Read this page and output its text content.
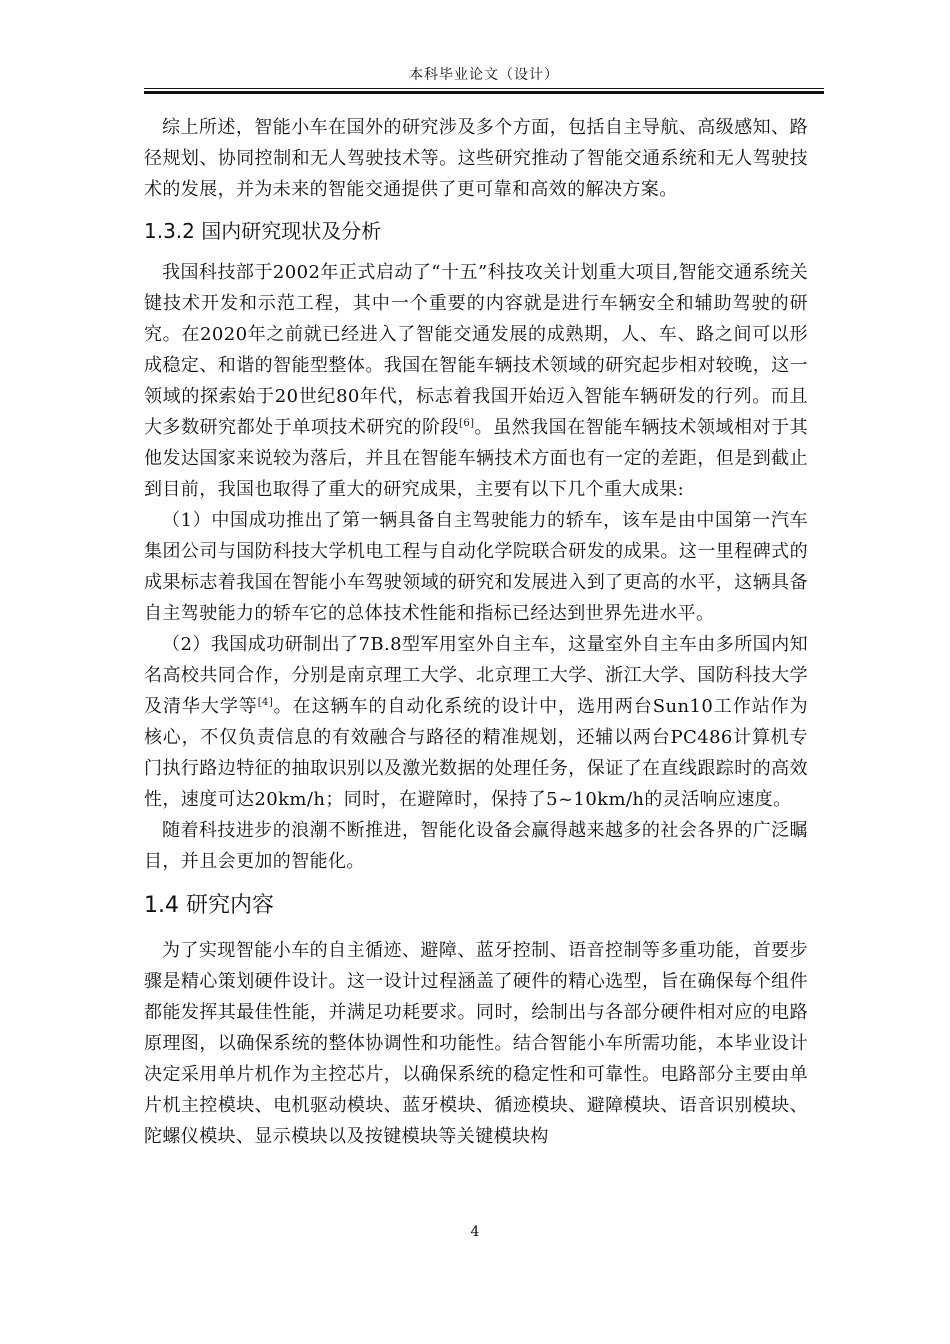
本科毕业论文（设计）

综上所述，智能小车在国外的研究涉及多个方面，包括自主导航、高级感知、路径规划、协同控制和无人驾驶技术等。这些研究推动了智能交通系统和无人驾驶技术的发展，并为未来的智能交通提供了更可靠和高效的解决方案。

1.3.2 国内研究现状及分析

我国科技部于2002年正式启动了“十五”科技攻关计划重大项目,智能交通系统关键技术开发和示范工程，其中一个重要的内容就是进行车辆安全和辅助驾驶的研究。在2020年之前就已经进入了智能交通发展的成熟期，人、车、路之间可以形成稳定、和谐的智能型整体。我国在智能车辆技术领域的研究起步相对较晚，这一领域的探索始于20世纪80年代，标志着我国开始迈入智能车辆研发的行列。而且大多数研究都处于单项技术研究的阶段[6]。虽然我国在智能车辆技术领域相对于其他发达国家来说较为落后，并且在智能车辆技术方面也有一定的差距，但是到截止到目前，我国也取得了重大的研究成果，主要有以下几个重大成果:

（1）中国成功推出了第一辆具备自主驾驶能力的轿车，该车是由中国第一汽车集团公司与国防科技大学机电工程与自动化学院联合研发的成果。这一里程碑式的成果标志着我国在智能小车驾驶领域的研究和发展进入到了更高的水平，这辆具备自主驾驶能力的轿车它的总体技术性能和指标已经达到世界先进水平。

（2）我国成功研制出了7B.8型军用室外自主车，这量室外自主车由多所国内知名高校共同合作，分别是南京理工大学、北京理工大学、浙江大学、国防科技大学及清华大学等[4]。在这辆车的自动化系统的设计中，选用两台Sun10工作站作为核心，不仅负责信息的有效融合与路径的精准规划，还辅以两台PC486计算机专门执行路边特征的抽取识别以及激光数据的处理任务，保证了在直线跟踪时的高效性，速度可达20km/h；同时，在避障时，保持了5~10km/h的灵活响应速度。

随着科技进步的浪潮不断推进，智能化设备会赢得越来越多的社会各界的广泛瞩目，并且会更加的智能化。

1.4 研究内容

为了实现智能小车的自主循迹、避障、蓝牙控制、语音控制等多重功能，首要步骤是精心策划硬件设计。这一设计过程涵盖了硬件的精心选型，旨在确保每个组件都能发挥其最佳性能，并满足功耗要求。同时，绘制出与各部分硬件相对应的电路原理图，以确保系统的整体协调性和功能性。结合智能小车所需功能，本毕业设计决定采用单片机作为主控芯片，以确保系统的稳定性和可靠性。电路部分主要由单片机主控模块、电机驱动模块、蓝牙模块、循迹模块、避障模块、语音识别模块、陀螺仪模块、显示模块以及按键模块等关键模块构

4
